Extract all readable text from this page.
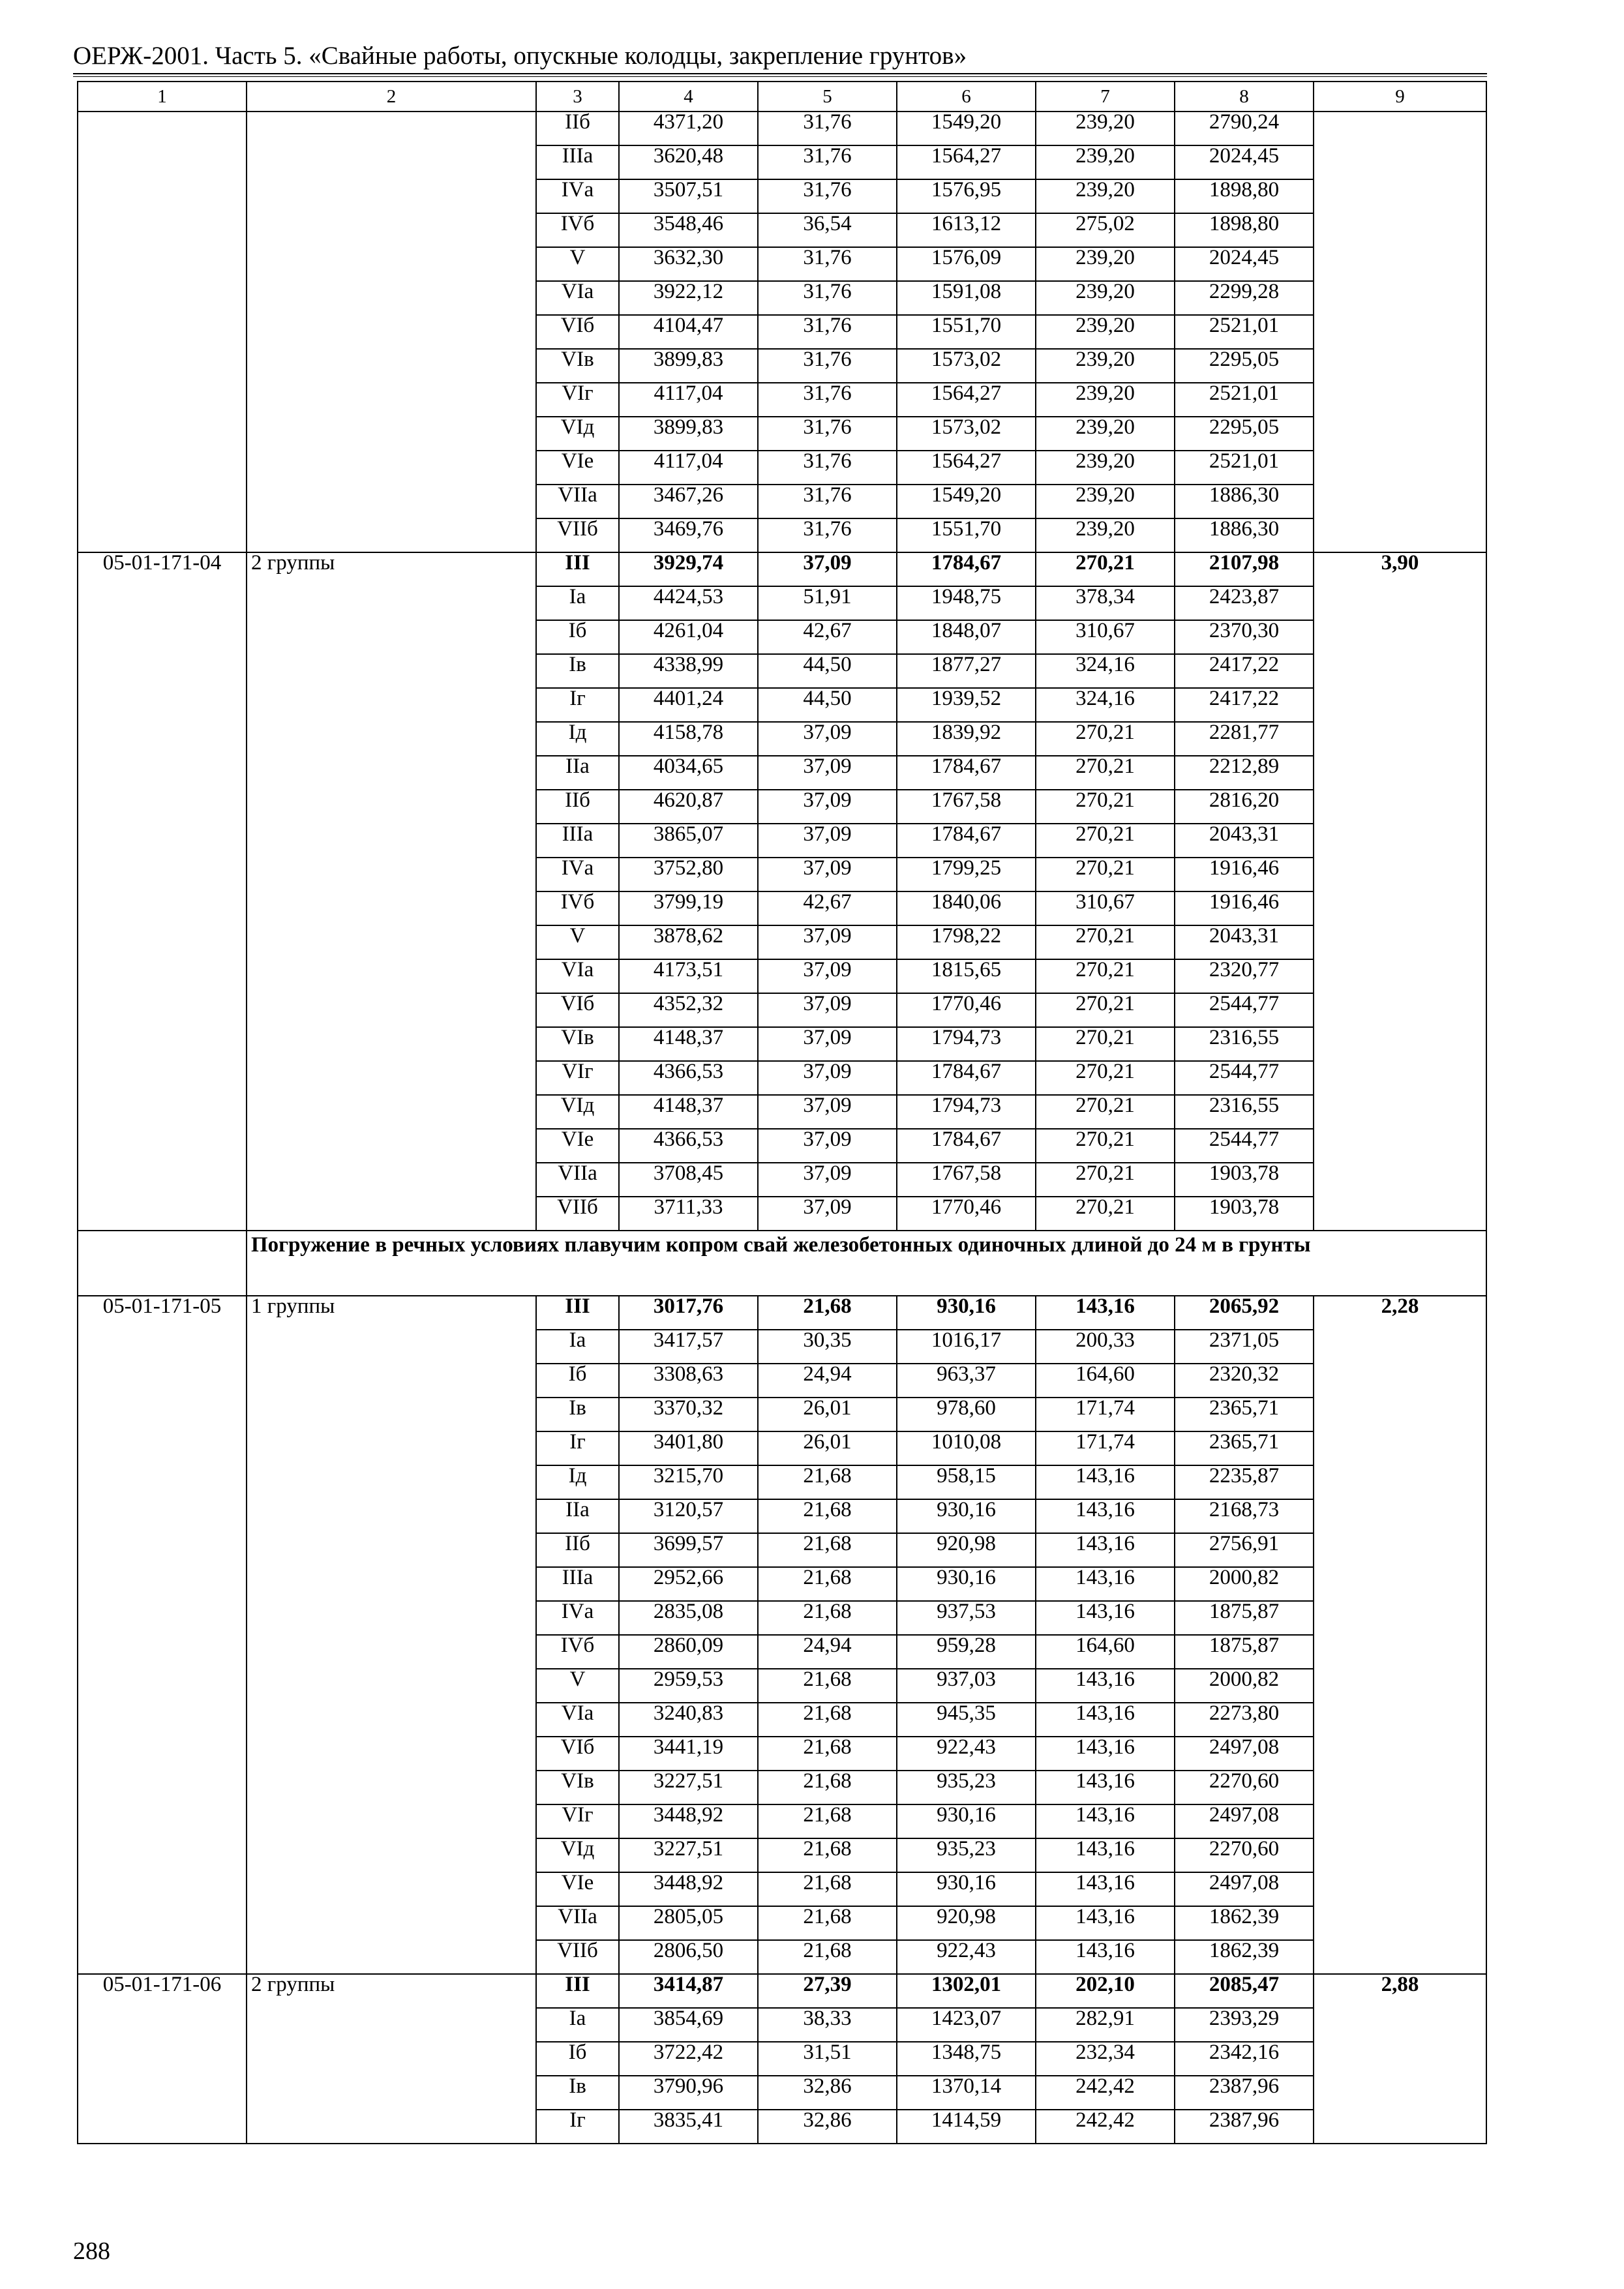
ОЕРЖ-2001. Часть 5. «Свайные работы, опускные колодцы, закрепление грунтов»
1	2	3	4	5	6	7	8	9
		IIб	4371,20	31,76	1549,20	239,20	2790,24	
		IIIа	3620,48	31,76	1564,27	239,20	2024,45	
		IVа	3507,51	31,76	1576,95	239,20	1898,80	
		IVб	3548,46	36,54	1613,12	275,02	1898,80	
		V	3632,30	31,76	1576,09	239,20	2024,45	
		VIа	3922,12	31,76	1591,08	239,20	2299,28	
		VIб	4104,47	31,76	1551,70	239,20	2521,01	
		VIв	3899,83	31,76	1573,02	239,20	2295,05	
		VIг	4117,04	31,76	1564,27	239,20	2521,01	
		VIд	3899,83	31,76	1573,02	239,20	2295,05	
		VIе	4117,04	31,76	1564,27	239,20	2521,01	
		VIIа	3467,26	31,76	1549,20	239,20	1886,30	
		VIIб	3469,76	31,76	1551,70	239,20	1886,30	
05-01-171-04	2 группы	III	3929,74	37,09	1784,67	270,21	2107,98	3,90
		Iа	4424,53	51,91	1948,75	378,34	2423,87	
		Iб	4261,04	42,67	1848,07	310,67	2370,30	
		Iв	4338,99	44,50	1877,27	324,16	2417,22	
		Iг	4401,24	44,50	1939,52	324,16	2417,22	
		Iд	4158,78	37,09	1839,92	270,21	2281,77	
		IIа	4034,65	37,09	1784,67	270,21	2212,89	
		IIб	4620,87	37,09	1767,58	270,21	2816,20	
		IIIа	3865,07	37,09	1784,67	270,21	2043,31	
		IVа	3752,80	37,09	1799,25	270,21	1916,46	
		IVб	3799,19	42,67	1840,06	310,67	1916,46	
		V	3878,62	37,09	1798,22	270,21	2043,31	
		VIа	4173,51	37,09	1815,65	270,21	2320,77	
		VIб	4352,32	37,09	1770,46	270,21	2544,77	
		VIв	4148,37	37,09	1794,73	270,21	2316,55	
		VIг	4366,53	37,09	1784,67	270,21	2544,77	
		VIд	4148,37	37,09	1794,73	270,21	2316,55	
		VIе	4366,53	37,09	1784,67	270,21	2544,77	
		VIIа	3708,45	37,09	1767,58	270,21	1903,78	
		VIIб	3711,33	37,09	1770,46	270,21	1903,78	
	Погружение в речных условиях плавучим копром свай железобетонных одиночных длиной до 24 м в грунты							
05-01-171-05	1 группы	III	3017,76	21,68	930,16	143,16	2065,92	2,28
		Iа	3417,57	30,35	1016,17	200,33	2371,05	
		Iб	3308,63	24,94	963,37	164,60	2320,32	
		Iв	3370,32	26,01	978,60	171,74	2365,71	
		Iг	3401,80	26,01	1010,08	171,74	2365,71	
		Iд	3215,70	21,68	958,15	143,16	2235,87	
		IIа	3120,57	21,68	930,16	143,16	2168,73	
		IIб	3699,57	21,68	920,98	143,16	2756,91	
		IIIа	2952,66	21,68	930,16	143,16	2000,82	
		IVа	2835,08	21,68	937,53	143,16	1875,87	
		IVб	2860,09	24,94	959,28	164,60	1875,87	
		V	2959,53	21,68	937,03	143,16	2000,82	
		VIа	3240,83	21,68	945,35	143,16	2273,80	
		VIб	3441,19	21,68	922,43	143,16	2497,08	
		VIв	3227,51	21,68	935,23	143,16	2270,60	
		VIг	3448,92	21,68	930,16	143,16	2497,08	
		VIд	3227,51	21,68	935,23	143,16	2270,60	
		VIе	3448,92	21,68	930,16	143,16	2497,08	
		VIIа	2805,05	21,68	920,98	143,16	1862,39	
		VIIб	2806,50	21,68	922,43	143,16	1862,39	
05-01-171-06	2 группы	III	3414,87	27,39	1302,01	202,10	2085,47	2,88
		Iа	3854,69	38,33	1423,07	282,91	2393,29	
		Iб	3722,42	31,51	1348,75	232,34	2342,16	
		Iв	3790,96	32,86	1370,14	242,42	2387,96	
		Iг	3835,41	32,86	1414,59	242,42	2387,96	
288
